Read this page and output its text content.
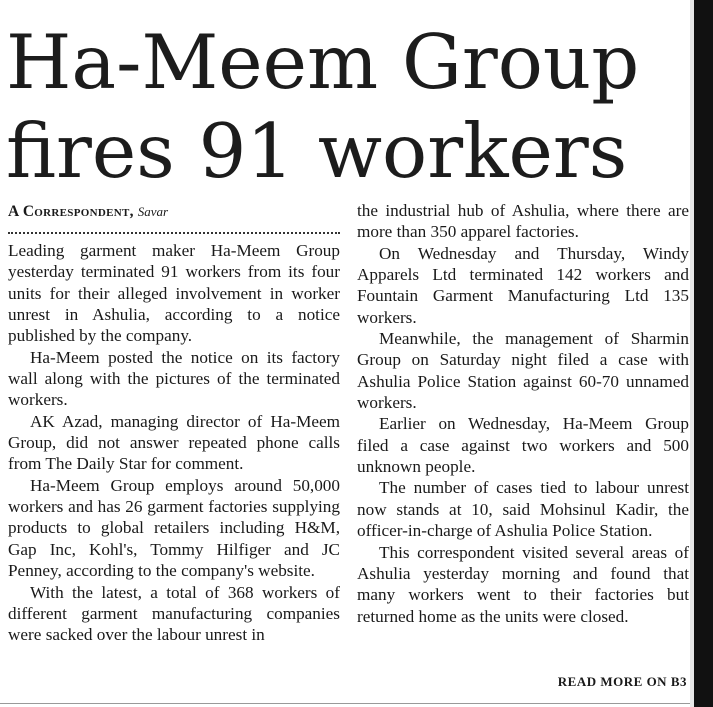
Ha-Meem Group
fires 91 workers
A Correspondent, Savar

Leading garment maker Ha-Meem Group yesterday terminated 91 workers from its four units for their alleged involvement in worker unrest in Ashulia, according to a notice published by the company.

Ha-Meem posted the notice on its factory wall along with the pictures of the terminated workers.

AK Azad, managing director of Ha-Meem Group, did not answer repeated phone calls from The Daily Star for comment.

Ha-Meem Group employs around 50,000 workers and has 26 garment factories supplying products to global retailers including H&M, Gap Inc, Kohl's, Tommy Hilfiger and JC Penney, according to the company's website.

With the latest, a total of 368 workers of different garment manufacturing companies were sacked over the labour unrest in

the industrial hub of Ashulia, where there are more than 350 apparel factories.

On Wednesday and Thursday, Windy Apparels Ltd terminated 142 workers and Fountain Garment Manufacturing Ltd 135 workers.

Meanwhile, the management of Sharmin Group on Saturday night filed a case with Ashulia Police Station against 60-70 unnamed workers.

Earlier on Wednesday, Ha-Meem Group filed a case against two workers and 500 unknown people.

The number of cases tied to labour unrest now stands at 10, said Mohsinul Kadir, the officer-in-charge of Ashulia Police Station.

This correspondent visited several areas of Ashulia yesterday morning and found that many workers went to their factories but returned home as the units were closed.

READ MORE ON B3
